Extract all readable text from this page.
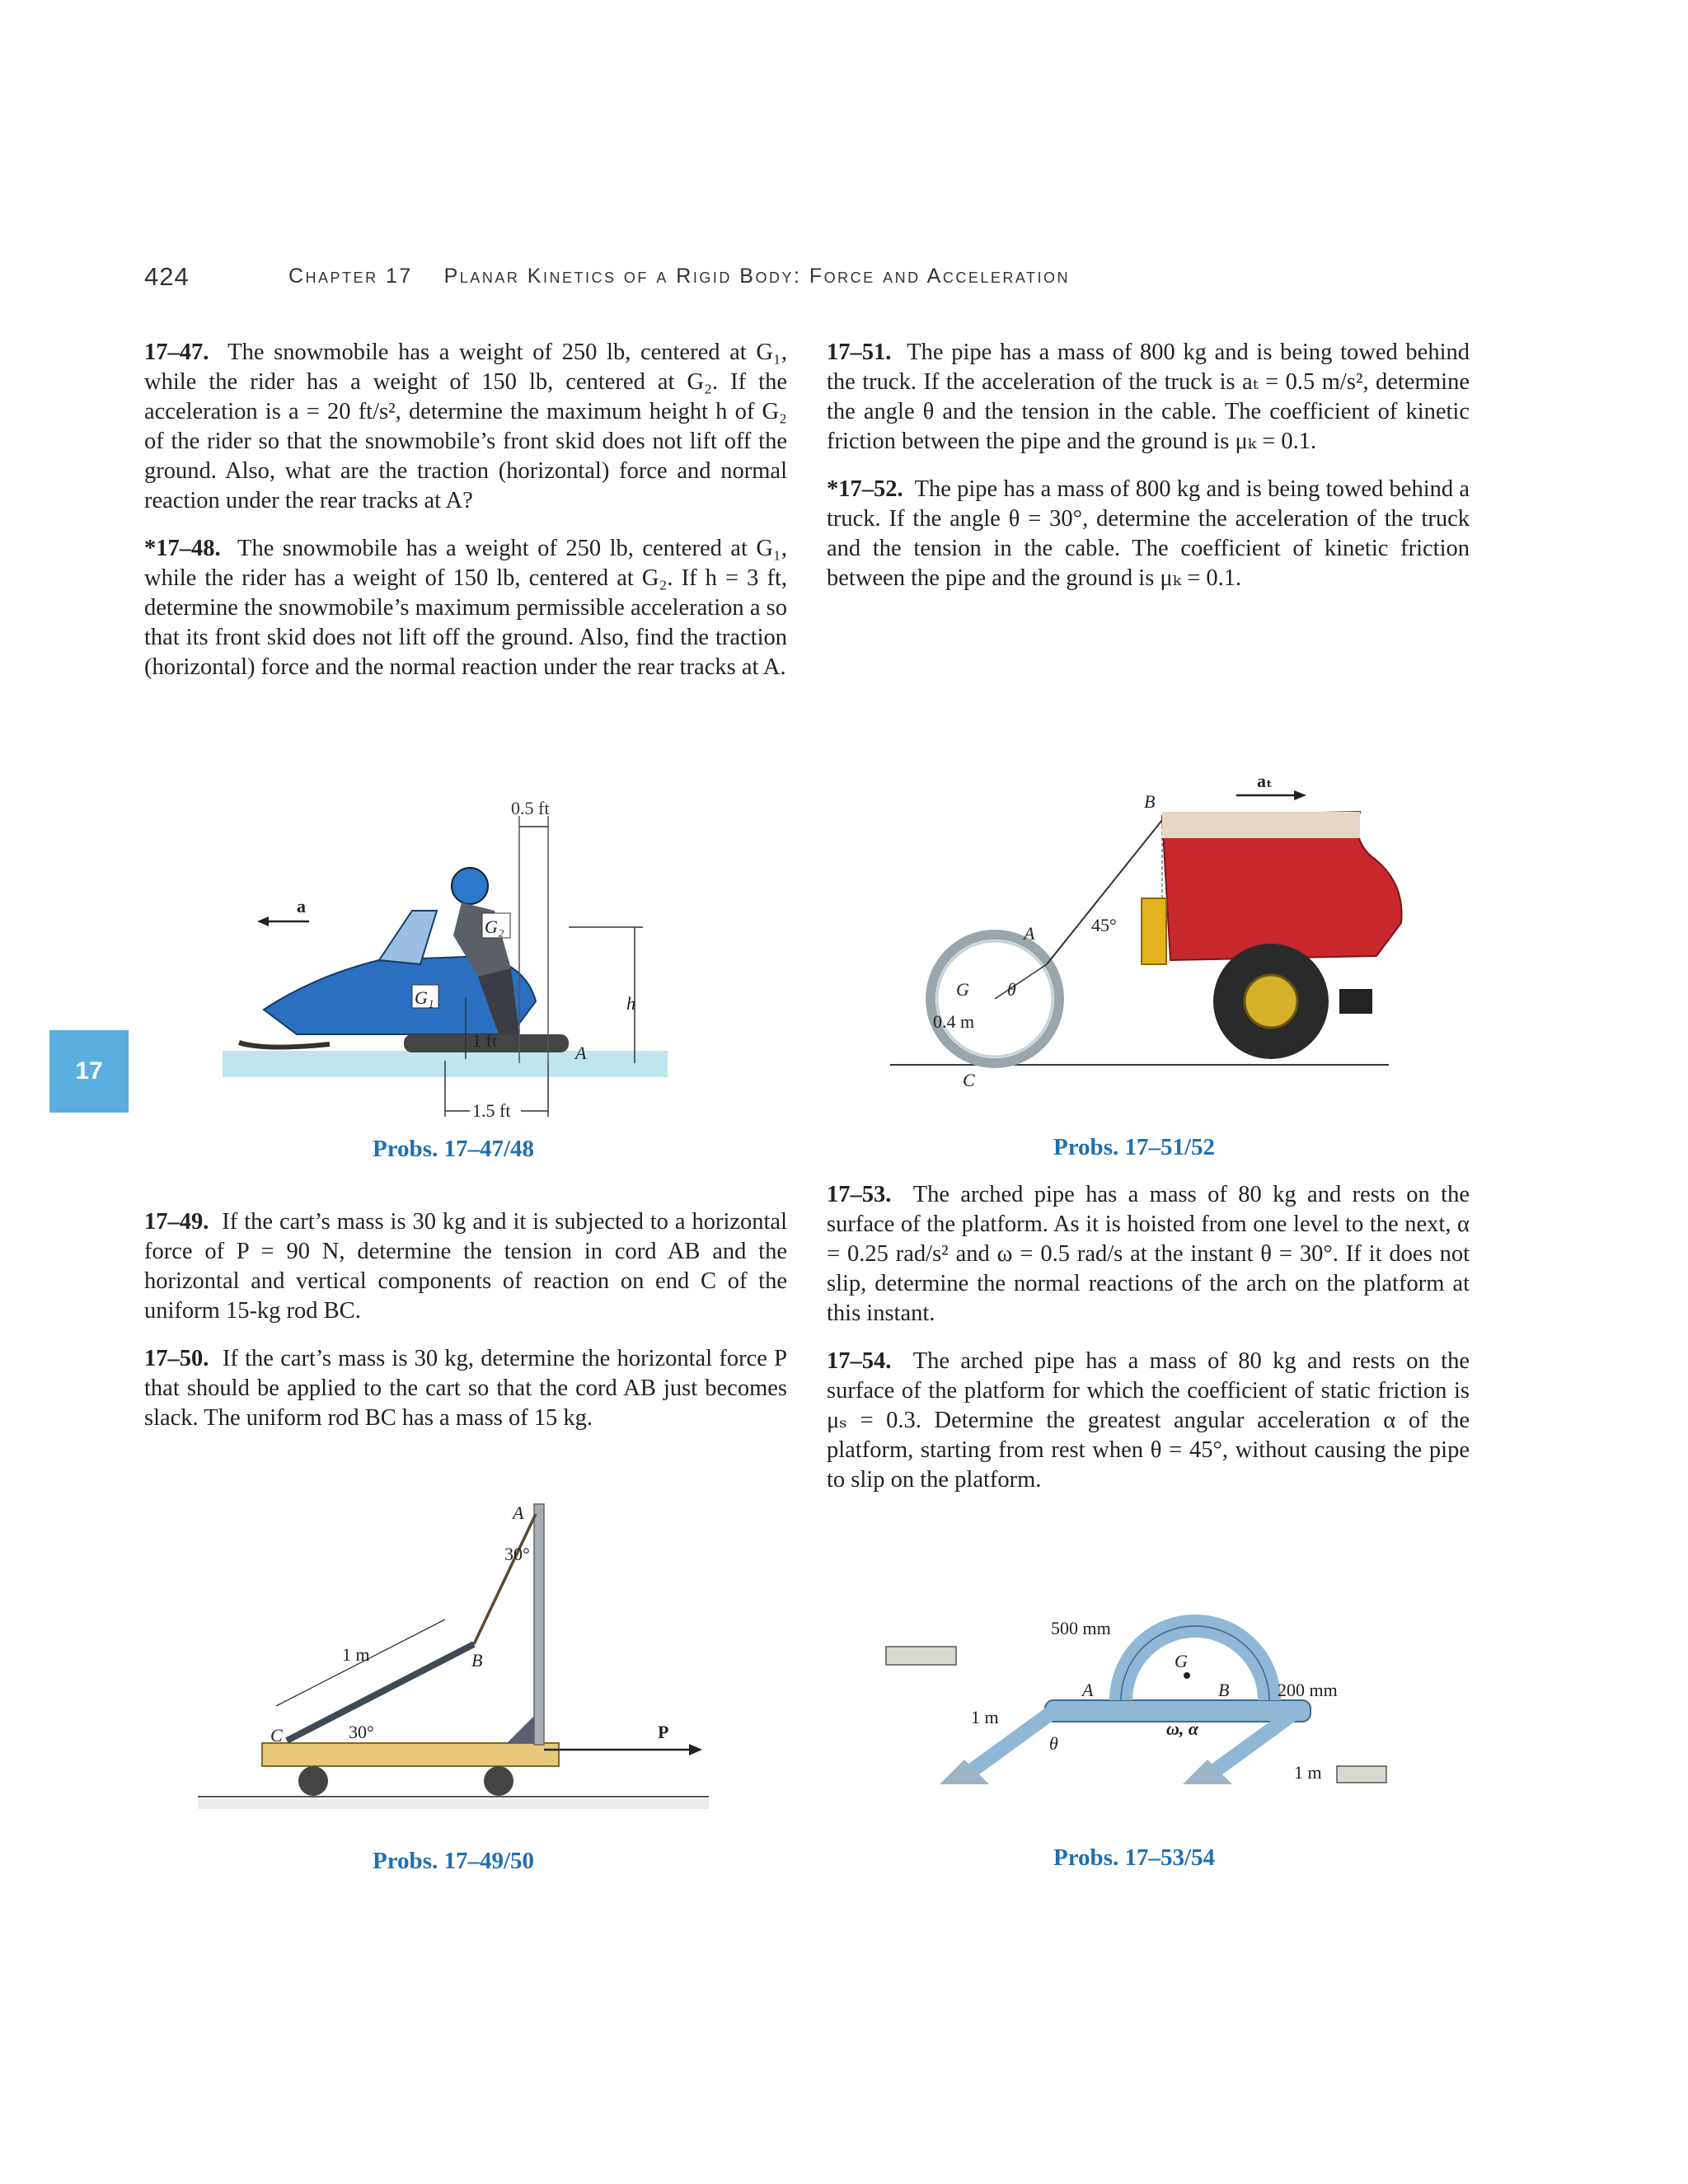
424	Chapter 17 Planar Kinetics of a Rigid Body: Force and Acceleration
17

17–47. The snowmobile has a weight of 250 lb, centered at G₁, while the rider has a weight of 150 lb, centered at G₂. If the acceleration is a = 20 ft/s², determine the maximum height h of G₂ of the rider so that the snowmobile’s front skid does not lift off the ground. Also, what are the traction (horizontal) force and normal reaction under the rear tracks at A?

*17–48. The snowmobile has a weight of 250 lb, centered at G₁, while the rider has a weight of 150 lb, centered at G₂. If h = 3 ft, determine the snowmobile’s maximum permissible acceleration a so that its front skid does not lift off the ground. Also, find the traction (horizontal) force and the normal reaction under the rear tracks at A.

17–51. The pipe has a mass of 800 kg and is being towed behind the truck. If the acceleration of the truck is aₜ = 0.5 m/s², determine the angle θ and the tension in the cable. The coefficient of kinetic friction between the pipe and the ground is μₖ = 0.1.

*17–52. The pipe has a mass of 800 kg and is being towed behind a truck. If the angle θ = 30°, determine the acceleration of the truck and the tension in the cable. The coefficient of kinetic friction between the pipe and the ground is μₖ = 0.1.

0.5 ft
a
G₂
G₁	h
1 ft
A
1.5 ft
Probs. 17–47/48
aₜ
B
A	45°
G θ
0.4 m
C
Probs. 17–51/52

17–49. If the cart’s mass is 30 kg and it is subjected to a horizontal force of P = 90 N, determine the tension in cord AB and the horizontal and vertical components of reaction on end C of the uniform 15-kg rod BC.

17–50. If the cart’s mass is 30 kg, determine the horizontal force P that should be applied to the cart so that the cord AB just becomes slack. The uniform rod BC has a mass of 15 kg.

17–53. The arched pipe has a mass of 80 kg and rests on the surface of the platform. As it is hoisted from one level to the next, α = 0.25 rad/s² and ω = 0.5 rad/s at the instant θ = 30°. If it does not slip, determine the normal reactions of the arch on the platform at this instant.

17–54. The arched pipe has a mass of 80 kg and rests on the surface of the platform for which the coefficient of static friction is μₛ = 0.3. Determine the greatest angular acceleration α of the platform, starting from rest when θ = 45°, without causing the pipe to slip on the platform.

P
A
30°
1 m	B
C	30°
Probs. 17–49/50
500 mm
G
A	B	200 mm
1 m
θ
ω, α
1 m
Probs. 17–53/54
